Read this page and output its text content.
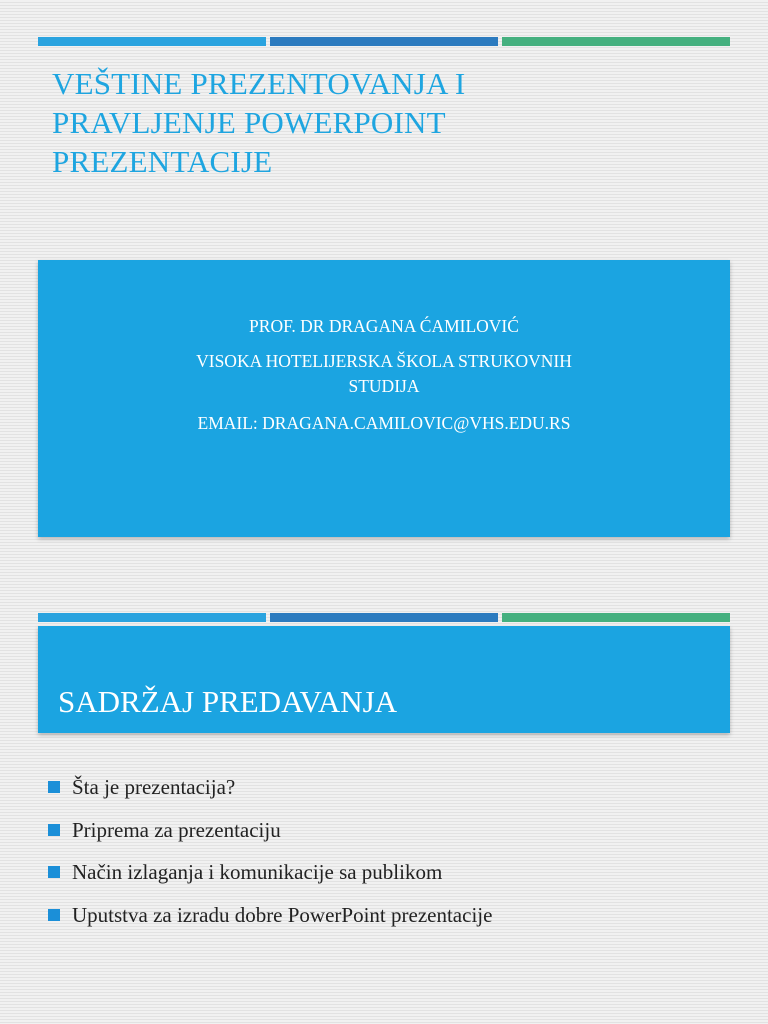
VEŠTINE PREZENTOVANJA I
PRAVLJENJE POWERPOINT
PREZENTACIJE
PROF. DR DRAGANA ĆAMILOVIĆ
VISOKA HOTELIJERSKA ŠKOLA STRUKOVNIH
STUDIJA
EMAIL: DRAGANA.CAMILOVIC@VHS.EDU.RS
SADRŽAJ PREDAVANJA
Šta je prezentacija?
Priprema za prezentaciju
Način izlaganja i komunikacije sa publikom
Uputstva za izradu dobre PowerPoint prezentacije
